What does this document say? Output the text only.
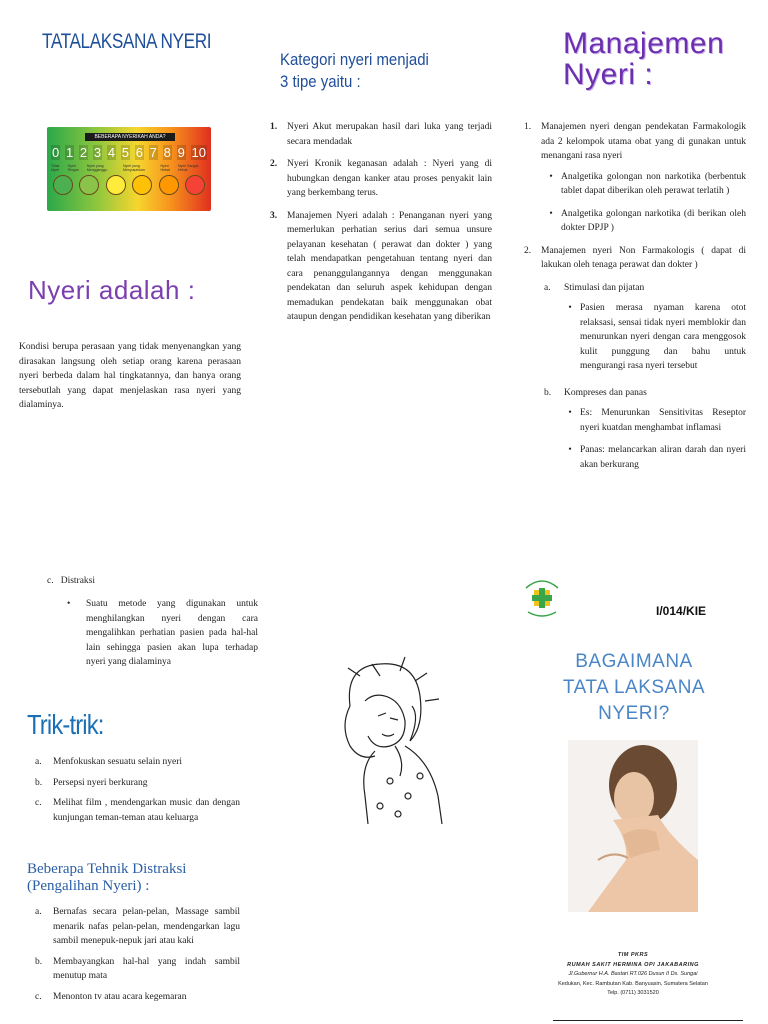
TATALAKSANA NYERI
BEBERAPA NYERIKAH ANDA?
0 1 2 3 4 5 6 7 8 9 10
Tidak Nyeri
Nyeri Ringan
Nyeri yang Mengganggu
Nyeri yang Menyusahkan
Nyeri Hebat
Nyeri Sangat Hebat
Nyeri adalah :
Kondisi berupa perasaan yang tidak menyenangkan yang dirasakan langsung oleh setiap orang karena perasaan nyeri berbeda dalam hal tingkatannya, dan hanya orang tersebutlah yang dapat menjelaskan rasa nyeri yang dialaminya.
c. Distraksi
• Suatu metode yang digunakan untuk menghilangkan nyeri dengan cara mengalihkan perhatian pasien pada hal-hal lain sehingga pasien akan lupa terhadap nyeri yang dialaminya
Trik-trik:
a.	Menfokuskan sesuatu selain nyeri
b.	Persepsi nyeri berkurang
c.	Melihat film , mendengarkan music dan dengan kunjungan teman-teman atau keluarga
Beberapa Tehnik Distraksi
(Pengalihan Nyeri) :
a.	Bernafas secara pelan-pelan, Massage sambil menarik nafas pelan-pelan, mendengarkan lagu sambil menepuk-nepuk jari atau kaki
b.	Membayangkan hal-hal yang indah sambil menutup mata
c.	Menonton tv atau acara kegemaran
Kategori nyeri menjadi
3 tipe yaitu :
1.	Nyeri Akut merupakan hasil dari luka yang terjadi secara mendadak
2.	Nyeri Kronik keganasan adalah : Nyeri yang di hubungkan dengan kanker atau proses penyakit lain yang berkembang terus.
3.	Manajemen Nyeri adalah : Penanganan nyeri yang memerlukan perhatian serius dari semua unsure pelayanan kesehatan ( perawat dan dokter ) yang telah mendapatkan pengetahuan tentang nyeri dan cara penanggulangannya dengan menggunakan pendekatan dan seluruh aspek kehidupan dengan memadukan pendekatan baik menggunakan obat ataupun dengan pendidikan kesehatan yang diberikan
Manajemen
Nyeri :
1.	Manajemen nyeri dengan pendekatan Farmakologik ada 2 kelompok utama obat yang di gunakan untuk menangani rasa nyeri
• Analgetika golongan non narkotika (berbentuk tablet dapat diberikan oleh perawat terlatih )
• Analgetika golongan narkotika (di berikan oleh dokter DPJP )
2.	Manajemen nyeri Non Farmakologis ( dapat di lakukan oleh tenaga perawat dan dokter )
a.	Stimulasi dan pijatan
• Pasien merasa nyaman karena otot relaksasi, sensai tidak nyeri memblokir dan menurunkan nyeri dengan cara menggosok kulit punggung dan bahu untuk mengurangi rasa nyeri tersebut
b.	Kompreses dan panas
• Es: Menurunkan Sensitivitas Reseptor nyeri kuatdan menghambat inflamasi
• Panas: melancarkan aliran darah dan nyeri akan berkurang
I/014/KIE
BAGAIMANA
TATA LAKSANA
NYERI?
TIM PKRS
RUMAH SAKIT HERMINA OPI JAKABARING
Jl.Gubernur H.A. Bastari RT.026 Dusun II Ds. Sungai
Kedukan, Kec. Rambutan Kab. Banyuasin, Sumatera Selatan
Telp. (0711) 3031520
